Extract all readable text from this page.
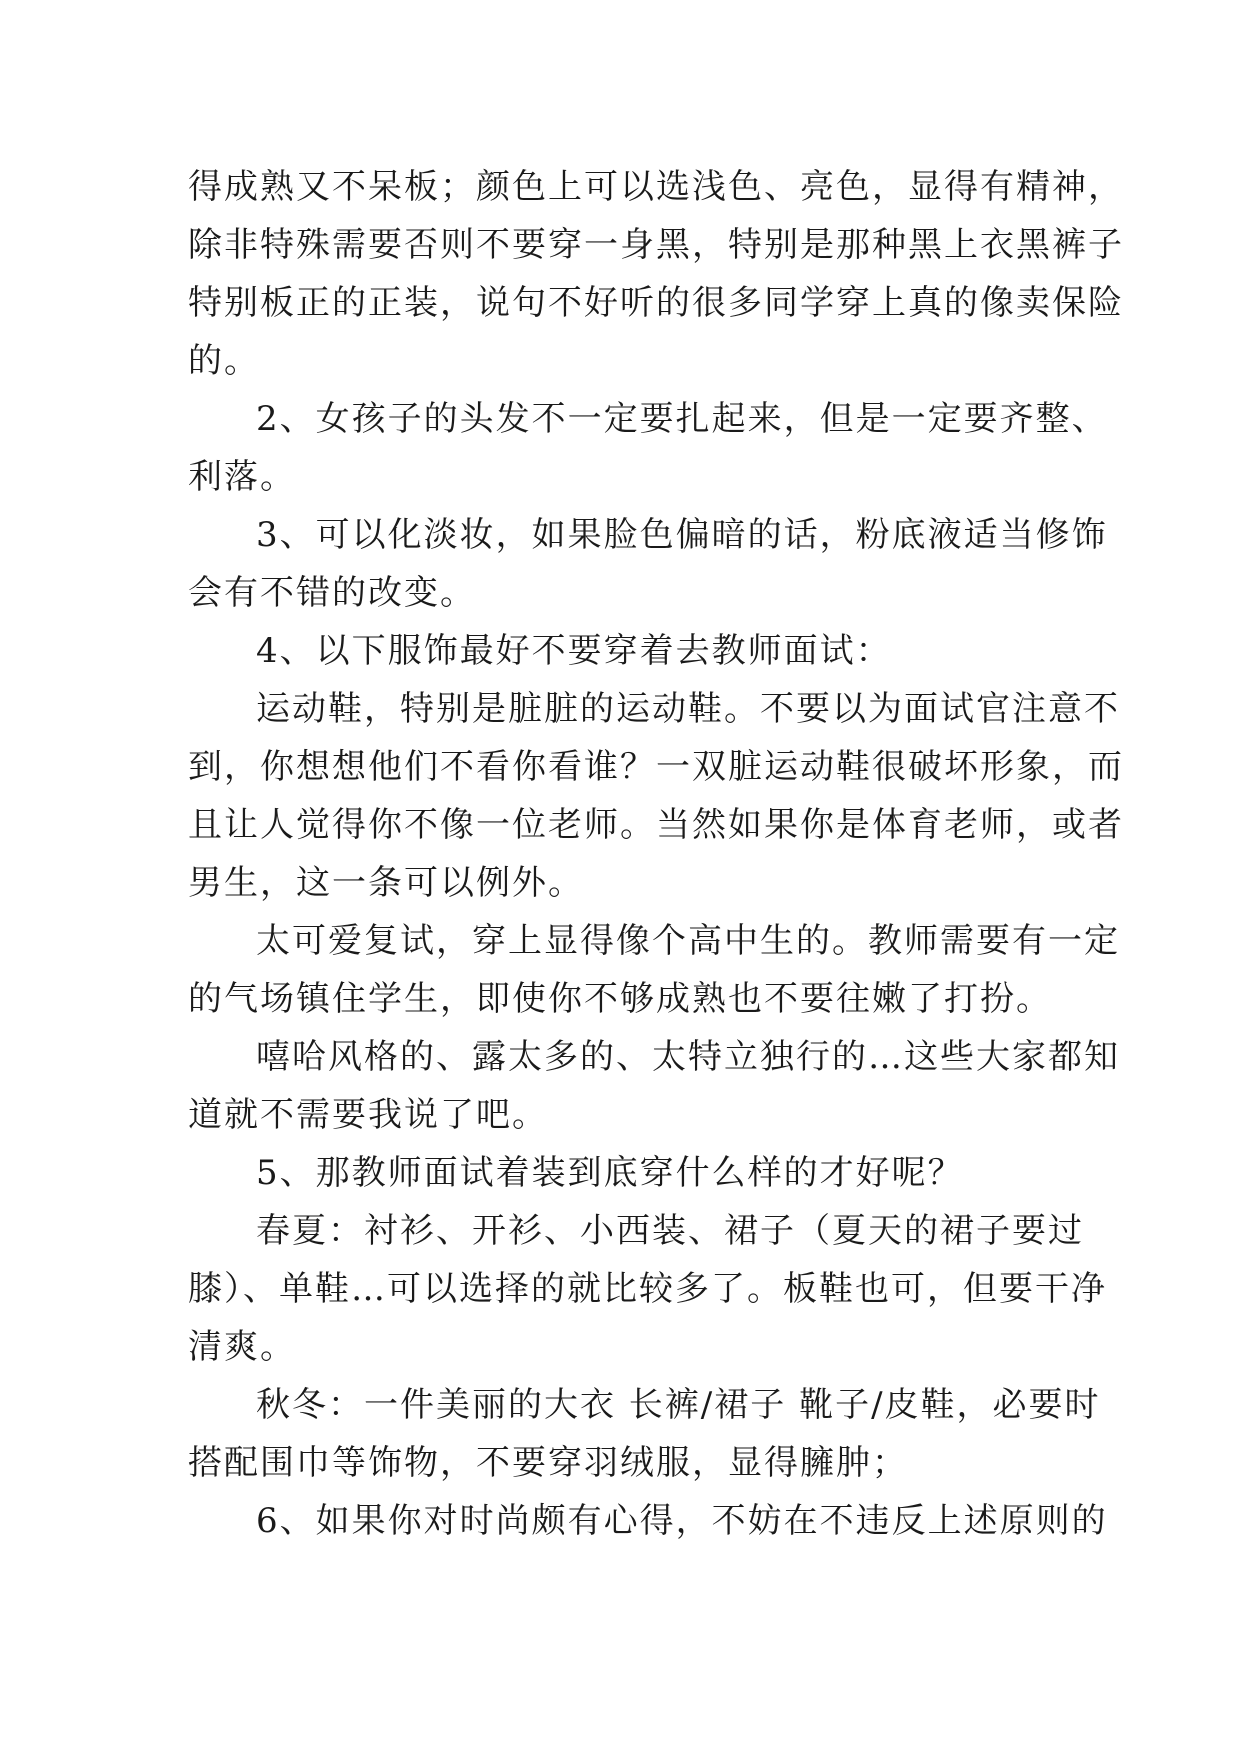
得成熟又不呆板；颜色上可以选浅色、亮色，显得有精神，
除非特殊需要否则不要穿一身黑，特别是那种黑上衣黑裤子
特别板正的正装，说句不好听的很多同学穿上真的像卖保险
的。
2、女孩子的头发不一定要扎起来，但是一定要齐整、
利落。
3、可以化淡妆，如果脸色偏暗的话，粉底液适当修饰
会有不错的改变。
4、以下服饰最好不要穿着去教师面试：
运动鞋，特别是脏脏的运动鞋。不要以为面试官注意不
到，你想想他们不看你看谁？一双脏运动鞋很破坏形象，而
且让人觉得你不像一位老师。当然如果你是体育老师，或者
男生，这一条可以例外。
太可爱复试，穿上显得像个高中生的。教师需要有一定
的气场镇住学生，即使你不够成熟也不要往嫩了打扮。
嘻哈风格的、露太多的、太特立独行的…这些大家都知
道就不需要我说了吧。
5、那教师面试着装到底穿什么样的才好呢？
春夏：衬衫、开衫、小西装、裙子（夏天的裙子要过
膝）、单鞋…可以选择的就比较多了。板鞋也可，但要干净
清爽。
秋冬：一件美丽的大衣 长裤/裙子 靴子/皮鞋，必要时
搭配围巾等饰物，不要穿羽绒服，显得臃肿；
6、如果你对时尚颇有心得，不妨在不违反上述原则的
